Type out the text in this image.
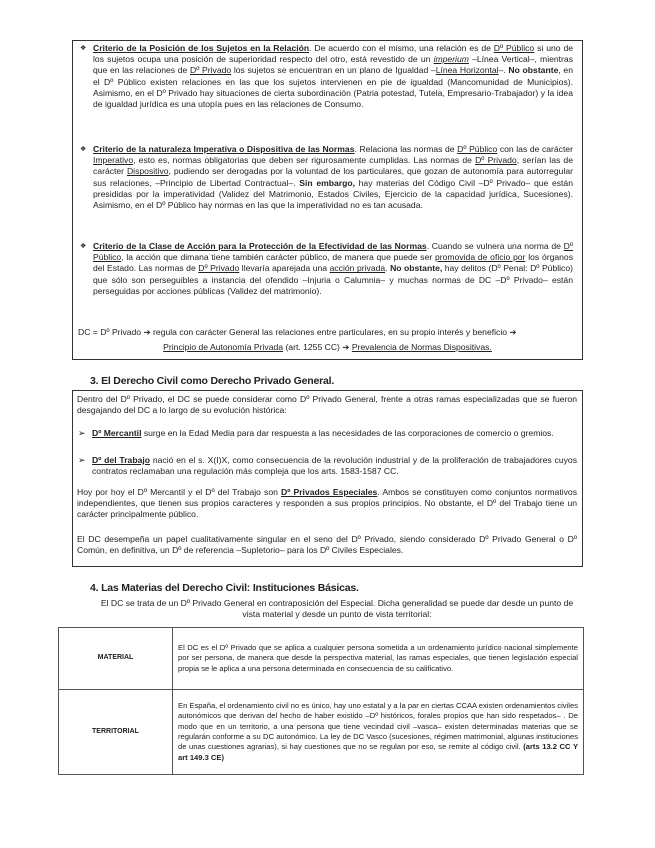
❖ Criterio de la Posición de los Sujetos en la Relación. De acuerdo con el mismo, una relación es de Dº Público si uno de los sujetos ocupa una posición de superioridad respecto del otro, está revestido de un imperium –Línea Vertical–, mientras que en las relaciones de Dº Privado los sujetos se encuentran en un plano de Igualdad –Línea Horizontal–. No obstante, en el Dº Público existen relaciones en las que los sujetos intervienen en pie de igualdad (Mancomunidad de Municipios). Asimismo, en el Dº Privado hay situaciones de cierta subordinación (Patria potestad, Tutela, Empresario-Trabajador) y la idea de igualdad jurídica es una utopía pues en las relaciones de Consumo.

❖ Criterio de la naturaleza Imperativa o Dispositiva de las Normas. Relaciona las normas de Dº Público con las de carácter Imperativo, esto es, normas obligatorias que deben ser rigurosamente cumplidas. Las normas de Dº Privado, serían las de carácter Dispositivo, pudiendo ser derogadas por la voluntad de los particulares, que gozan de autonomía para autorregular sus relaciones, –Principio de Libertad Contractual–. Sin embargo, hay materias del Código Civil –Dº Privado– que están presididas por la imperatividad (Validez del Matrimonio, Estados Civiles, Ejercicio de la capacidad jurídica, Sucesiones). Asimismo, en el Dº Público hay normas en las que la imperatividad no es tan acusada.

❖ Criterio de la Clase de Acción para la Protección de la Efectividad de las Normas. Cuando se vulnera una norma de Dº Público, la acción que dimana tiene también carácter público, de manera que puede ser promovida de oficio por los órganos del Estado. Las normas de Dº Privado llevaría aparejada una acción privada. No obstante, hay delitos (Dº Penal: Dº Público) que sólo son perseguibles a instancia del ofendido –Injuria o Calumnia– y muchas normas de DC –Dº Privado– están perseguidas por acciones públicas (Validez del matrimonio).

DC = Dº Privado ➔ regula con carácter General las relaciones entre particulares, en su propio interés y beneficio ➔

Principio de Autonomía Privada (art. 1255 CC) ➔ Prevalencia de Normas Dispositivas.

3. El Derecho Civil como Derecho Privado General.

Dentro del Dº Privado, el DC se puede considerar como Dº Privado General, frente a otras ramas especializadas que se fueron desgajando del DC a lo largo de su evolución histórica:

➢ Dº Mercantil surge en la Edad Media para dar respuesta a las necesidades de las corporaciones de comercio o gremios.

➢ Dº del Trabajo nació en el s. X(I)X, como consecuencia de la revolución industrial y de la proliferación de trabajadores cuyos contratos reclamaban una regulación más compleja que los arts. 1583-1587 CC.

Hoy por hoy el Dº Mercantil y el Dº del Trabajo son Dº Privados Especiales. Ambos se constituyen como conjuntos normativos independientes, que tienen sus propios caracteres y responden a sus propios principios. No obstante, el Dº del Trabajo tiene un carácter principalmente público.

El DC desempeña un papel cualitativamente singular en el seno del Dº Privado, siendo considerado Dº Privado General o Dº Común, en definitiva, un Dº de referencia –Supletorio– para los Dº Civiles Especiales.

4. Las Materias del Derecho Civil: Instituciones Básicas.

El DC se trata de un Dº Privado General en contraposición del Especial. Dicha generalidad se puede dar desde un punto de vista material y desde un punto de vista territorial:

MATERIAL	El DC es el Dº Privado que se aplica a cualquier persona sometida a un ordenamiento jurídico nacional simplemente por ser persona, de manera que desde la perspectiva material, las ramas especiales, que tienen legislación especial propia se le aplica a una persona determinada en consecuencia de su calificativo.
TERRITORIAL	En España, el ordenamiento civil no es único, hay uno estatal y a la par en ciertas CCAA existen ordenamientos civiles autonómicos que derivan del hecho de haber existido –Dº históricos, forales propios que han sido respetados– . De modo que en un territorio, a una persona que tiene vecindad civil –vasca– existen determinadas materias que se regularán conforme a su DC autonómico. La ley de DC Vasco (sucesiones, régimen matrimonial, algunas instituciones de unas cuestiones agrarias), si hay cuestiones que no se regulan por eso, se remite al código civil. (arts 13.2 CC Y art 149.3 CE)
